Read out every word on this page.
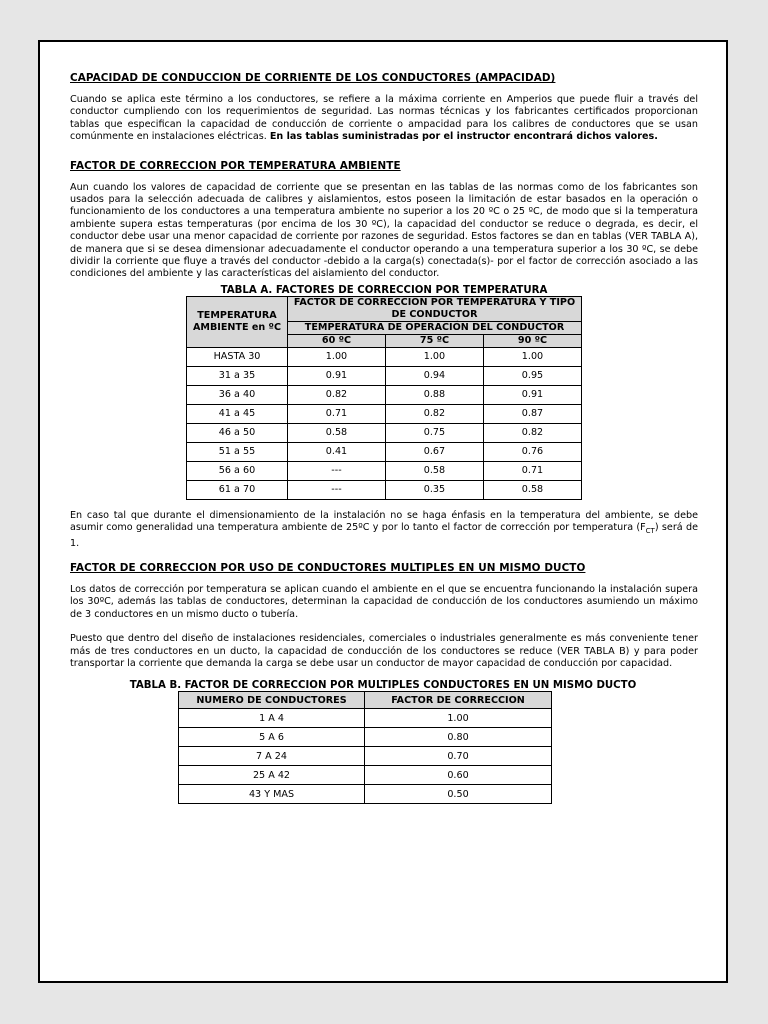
CAPACIDAD DE CONDUCCION DE CORRIENTE DE LOS CONDUCTORES (AMPACIDAD)

Cuando se aplica este término a los conductores, se refiere a la máxima corriente en Amperios que puede fluir a través del conductor cumpliendo con los requerimientos de seguridad. Las normas técnicas y los fabricantes certificados proporcionan tablas que especifican la capacidad de conducción de corriente o ampacidad para los calibres de conductores que se usan comúnmente en instalaciones eléctricas. En las tablas suministradas por el instructor encontrará dichos valores.

FACTOR DE CORRECCION POR TEMPERATURA AMBIENTE

Aun cuando los valores de capacidad de corriente que se presentan en las tablas de las normas como de los fabricantes son usados para la selección adecuada de calibres y aislamientos, estos poseen la limitación de estar basados en la operación o funcionamiento de los conductores a una temperatura ambiente no superior a los 20 ºC o 25 ºC, de modo que si la temperatura ambiente supera estas temperaturas (por encima de los 30 ºC), la capacidad del conductor se reduce o degrada, es decir, el conductor debe usar una menor capacidad de corriente por razones de seguridad. Estos factores se dan en tablas (VER TABLA A), de manera que si se desea dimensionar adecuadamente el conductor operando a una temperatura superior a los 30 ºC, se debe dividir la corriente que fluye a través del conductor -debido a la carga(s) conectada(s)- por el factor de corrección asociado a las condiciones del ambiente y las características del aislamiento del conductor.

TABLA A. FACTORES DE CORRECCION POR TEMPERATURA
TEMPERATURA AMBIENTE en ºC	FACTOR DE CORRECCION POR TEMPERATURA Y TIPO DE CONDUCTOR		
	TEMPERATURA DE OPERACIÓN DEL CONDUCTOR		
	60 ºC	75 ºC	90 ºC
HASTA 30	1.00	1.00	1.00
31 a 35	0.91	0.94	0.95
36 a 40	0.82	0.88	0.91
41 a 45	0.71	0.82	0.87
46 a 50	0.58	0.75	0.82
51 a 55	0.41	0.67	0.76
56 a 60	---	0.58	0.71
61 a 70	---	0.35	0.58

En caso tal que durante el dimensionamiento de la instalación no se haga énfasis en la temperatura del ambiente, se debe asumir como generalidad una temperatura ambiente de 25ºC y por lo tanto el factor de corrección por temperatura $(F_{CT})$ será de 1.

FACTOR DE CORRECCION POR USO DE CONDUCTORES MULTIPLES EN UN MISMO DUCTO

Los datos de corrección por temperatura se aplican cuando el ambiente en el que se encuentra funcionando la instalación supera los 30ºC, además las tablas de conductores, determinan la capacidad de conducción de los conductores asumiendo un máximo de 3 conductores en un mismo ducto o tubería.

Puesto que dentro del diseño de instalaciones residenciales, comerciales o industriales generalmente es más conveniente tener más de tres conductores en un ducto, la capacidad de conducción de los conductores se reduce (VER TABLA B) y para poder transportar la corriente que demanda la carga se debe usar un conductor de mayor capacidad de conducción por capacidad.

TABLA B. FACTOR DE CORRECCION POR MULTIPLES CONDUCTORES EN UN MISMO DUCTO
NUMERO DE CONDUCTORES	FACTOR DE CORRECCION
1 A 4	1.00
5 A 6	0.80
7 A 24	0.70
25 A 42	0.60
43 Y MAS	0.50
